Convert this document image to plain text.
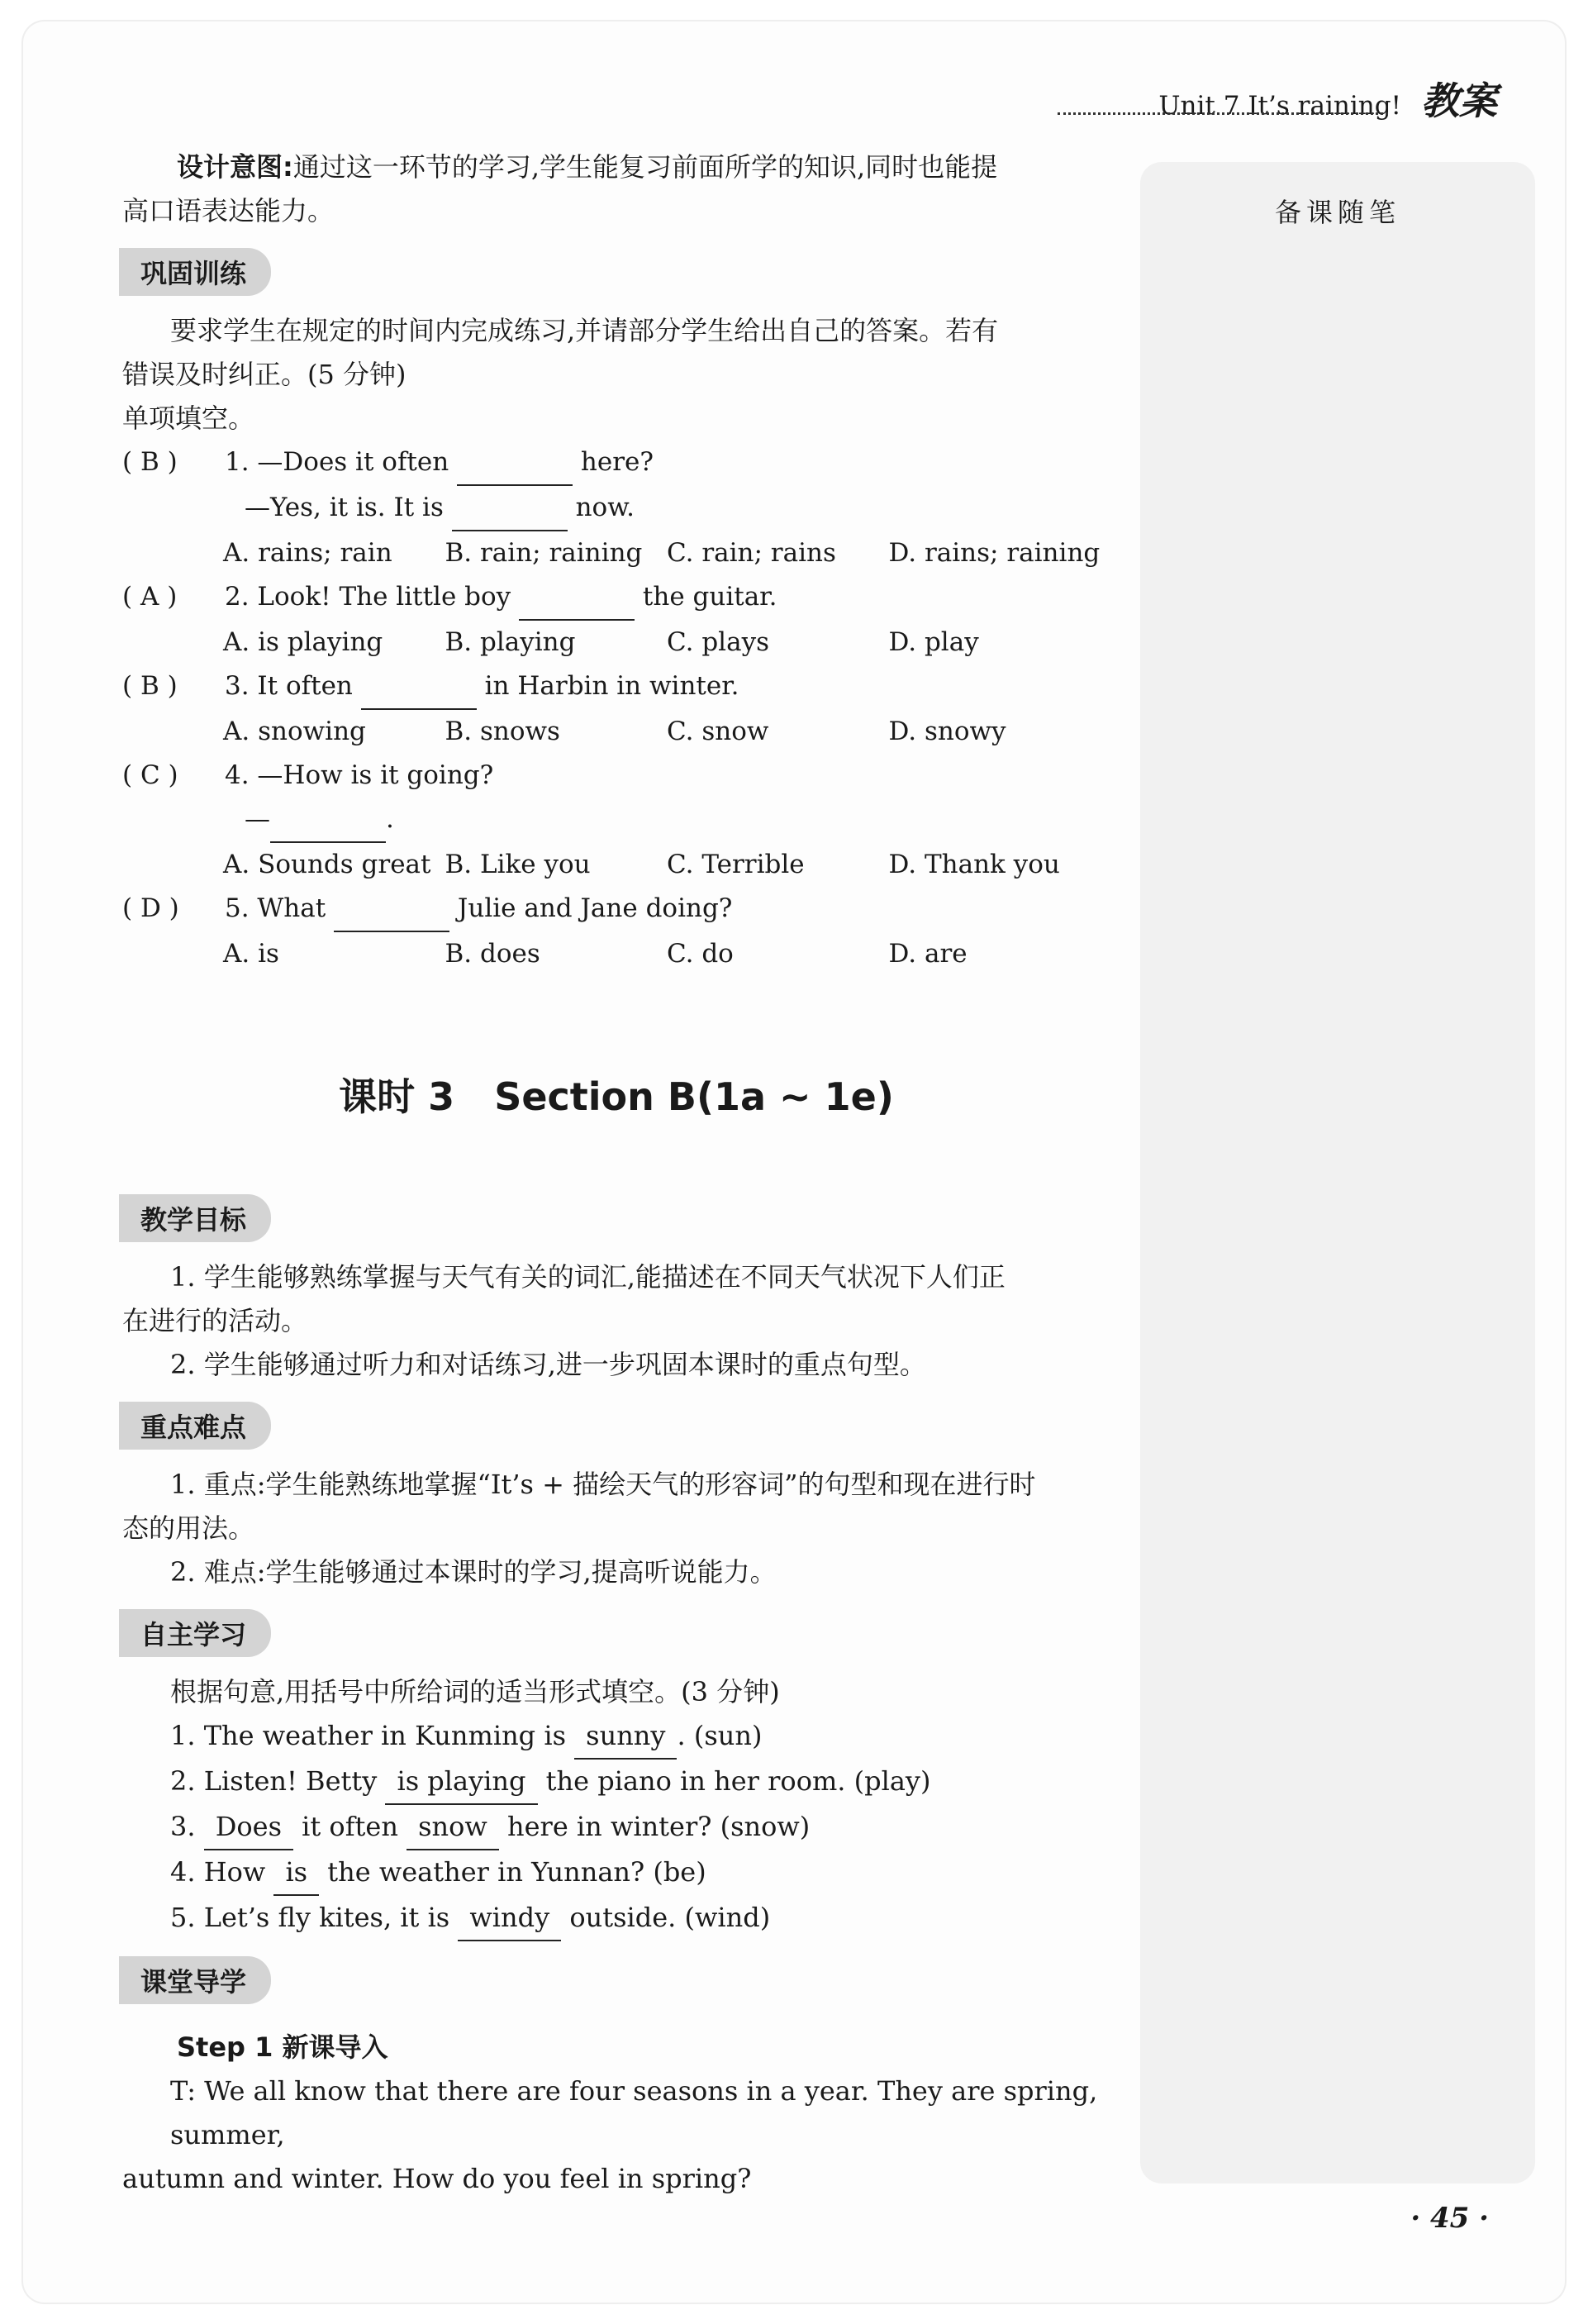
Unit 7 It’s raining! 教案
备课随笔

设计意图:通过这一环节的学习,学生能复习前面所学的知识,同时也能提

高口语表达能力。

巩固训练

要求学生在规定的时间内完成练习,并请部分学生给出自己的答案。若有

错误及时纠正。(5 分钟)

单项填空。

( B )	1. —Does it often	here?
—Yes, it is. It is	now.
A. rains; rain	B. rain; raining C. rain; rains	D. rains; raining
( A )	2. Look! The little boy	the guitar.
A. is playing	B. playing	C. plays	D. play
( B )	3. It often	in Harbin in winter.
A. snowing	B. snows	C. snow	D. snowy
( C )	4. —How is it going?
—	.
A. Sounds great B. Like you	C. Terrible	D. Thank you
( D )	5. What	Julie and Jane doing?
A. is	B. does	C. do	D. are
课时 3 Section B(1a ~ 1e)
教学目标

1. 学生能够熟练掌握与天气有关的词汇,能描述在不同天气状况下人们正

在进行的活动。

2. 学生能够通过听力和对话练习,进一步巩固本课时的重点句型。

重点难点

1. 重点:学生能熟练地掌握“It’s + 描绘天气的形容词”的句型和现在进行时

态的用法。

2. 难点:学生能够通过本课时的学习,提高听说能力。

自主学习

根据句意,用括号中所给词的适当形式填空。(3 分钟)

1. The weather in Kunming is sunny . (sun)

2. Listen! Betty is playing the piano in her room. (play)

3. Does it often snow here in winter? (snow)

4. How is the weather in Yunnan? (be)

5. Let’s fly kites, it is windy outside. (wind)

课堂导学
Step 1 新课导入

T: We all know that there are four seasons in a year. They are spring, summer,

autumn and winter. How do you feel in spring?

· 45 ·
